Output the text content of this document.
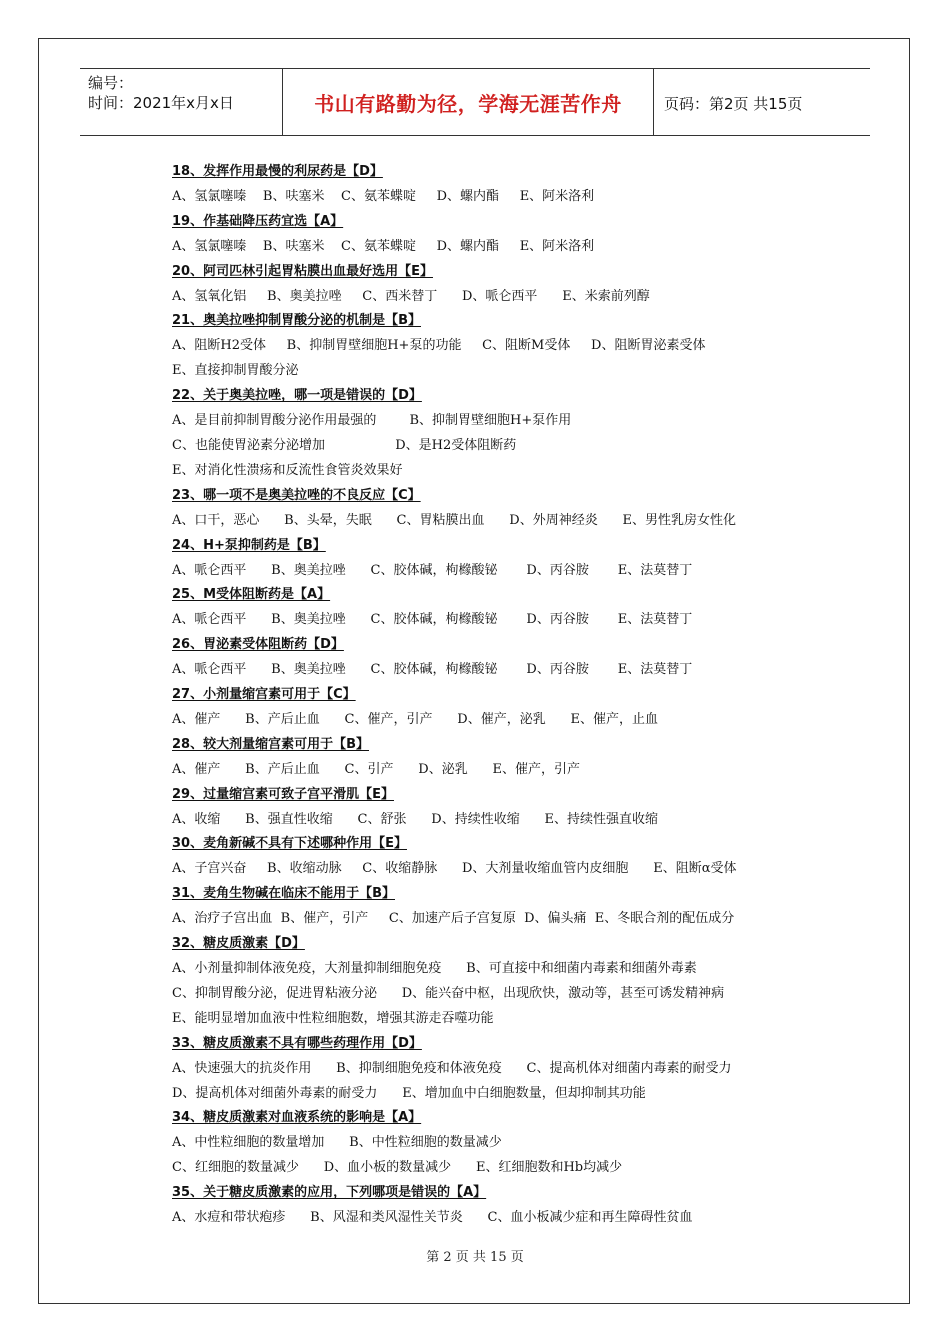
编号：
时间：2021年x月x日	书山有路勤为径，学海无涯苦作舟	页码：第2页 共15页
18、发挥作用最慢的利尿药是【D】
A、氢氯噻嗪    B、呋塞米    C、氨苯蝶啶     D、螺内酯     E、阿米洛利
19、作基础降压药宜选【A】
A、氢氯噻嗪    B、呋塞米    C、氨苯蝶啶     D、螺内酯     E、阿米洛利
20、阿司匹林引起胃粘膜出血最好选用【E】
A、氢氧化铝     B、奥美拉唑     C、西米替丁      D、哌仑西平      E、米索前列醇
21、奥美拉唑抑制胃酸分泌的机制是【B】
A、阻断H2受体     B、抑制胃壁细胞H+泵的功能     C、阻断M受体     D、阻断胃泌素受体
E、直接抑制胃酸分泌
22、关于奥美拉唑，哪一项是错误的【D】
A、是目前抑制胃酸分泌作用最强的        B、抑制胃壁细胞H+泵作用
C、也能使胃泌素分泌增加                 D、是H2受体阻断药
E、对消化性溃疡和反流性食管炎效果好
23、哪一项不是奥美拉唑的不良反应【C】
A、口干，恶心      B、头晕，失眠      C、胃粘膜出血      D、外周神经炎      E、男性乳房女性化
24、H+泵抑制药是【B】
A、哌仑西平      B、奥美拉唑      C、胶体碱，枸橼酸铋       D、丙谷胺       E、法莫替丁
25、M受体阻断药是【A】
A、哌仑西平      B、奥美拉唑      C、胶体碱，枸橼酸铋       D、丙谷胺       E、法莫替丁
26、胃泌素受体阻断药【D】
A、哌仑西平      B、奥美拉唑      C、胶体碱，枸橼酸铋       D、丙谷胺       E、法莫替丁
27、小剂量缩宫素可用于【C】
A、催产      B、产后止血      C、催产，引产      D、催产，泌乳      E、催产，止血
28、较大剂量缩宫素可用于【B】
A、催产      B、产后止血      C、引产      D、泌乳      E、催产，引产
29、过量缩宫素可致子宫平滑肌【E】
A、收缩      B、强直性收缩      C、舒张      D、持续性收缩      E、持续性强直收缩
30、麦角新碱不具有下述哪种作用【E】
A、子宫兴奋     B、收缩动脉     C、收缩静脉      D、大剂量收缩血管内皮细胞      E、阻断α受体
31、麦角生物碱在临床不能用于【B】
A、治疗子宫出血  B、催产，引产     C、加速产后子宫复原  D、偏头痛  E、冬眠合剂的配伍成分
32、糖皮质激素【D】
A、小剂量抑制体液免疫，大剂量抑制细胞免疫      B、可直接中和细菌内毒素和细菌外毒素
C、抑制胃酸分泌，促进胃粘液分泌      D、能兴奋中枢，出现欣快，激动等，甚至可诱发精神病
E、能明显增加血液中性粒细胞数，增强其游走吞噬功能
33、糖皮质激素不具有哪些药理作用【D】
A、快速强大的抗炎作用      B、抑制细胞免疫和体液免疫      C、提高机体对细菌内毒素的耐受力
D、提高机体对细菌外毒素的耐受力      E、增加血中白细胞数量，但却抑制其功能
34、糖皮质激素对血液系统的影响是【A】
A、中性粒细胞的数量增加      B、中性粒细胞的数量减少
C、红细胞的数量减少      D、血小板的数量减少      E、红细胞数和Hb均减少
35、关于糖皮质激素的应用，下列哪项是错误的【A】
A、水痘和带状疱疹      B、风湿和类风湿性关节炎      C、血小板减少症和再生障碍性贫血
第 2 页 共 15 页
